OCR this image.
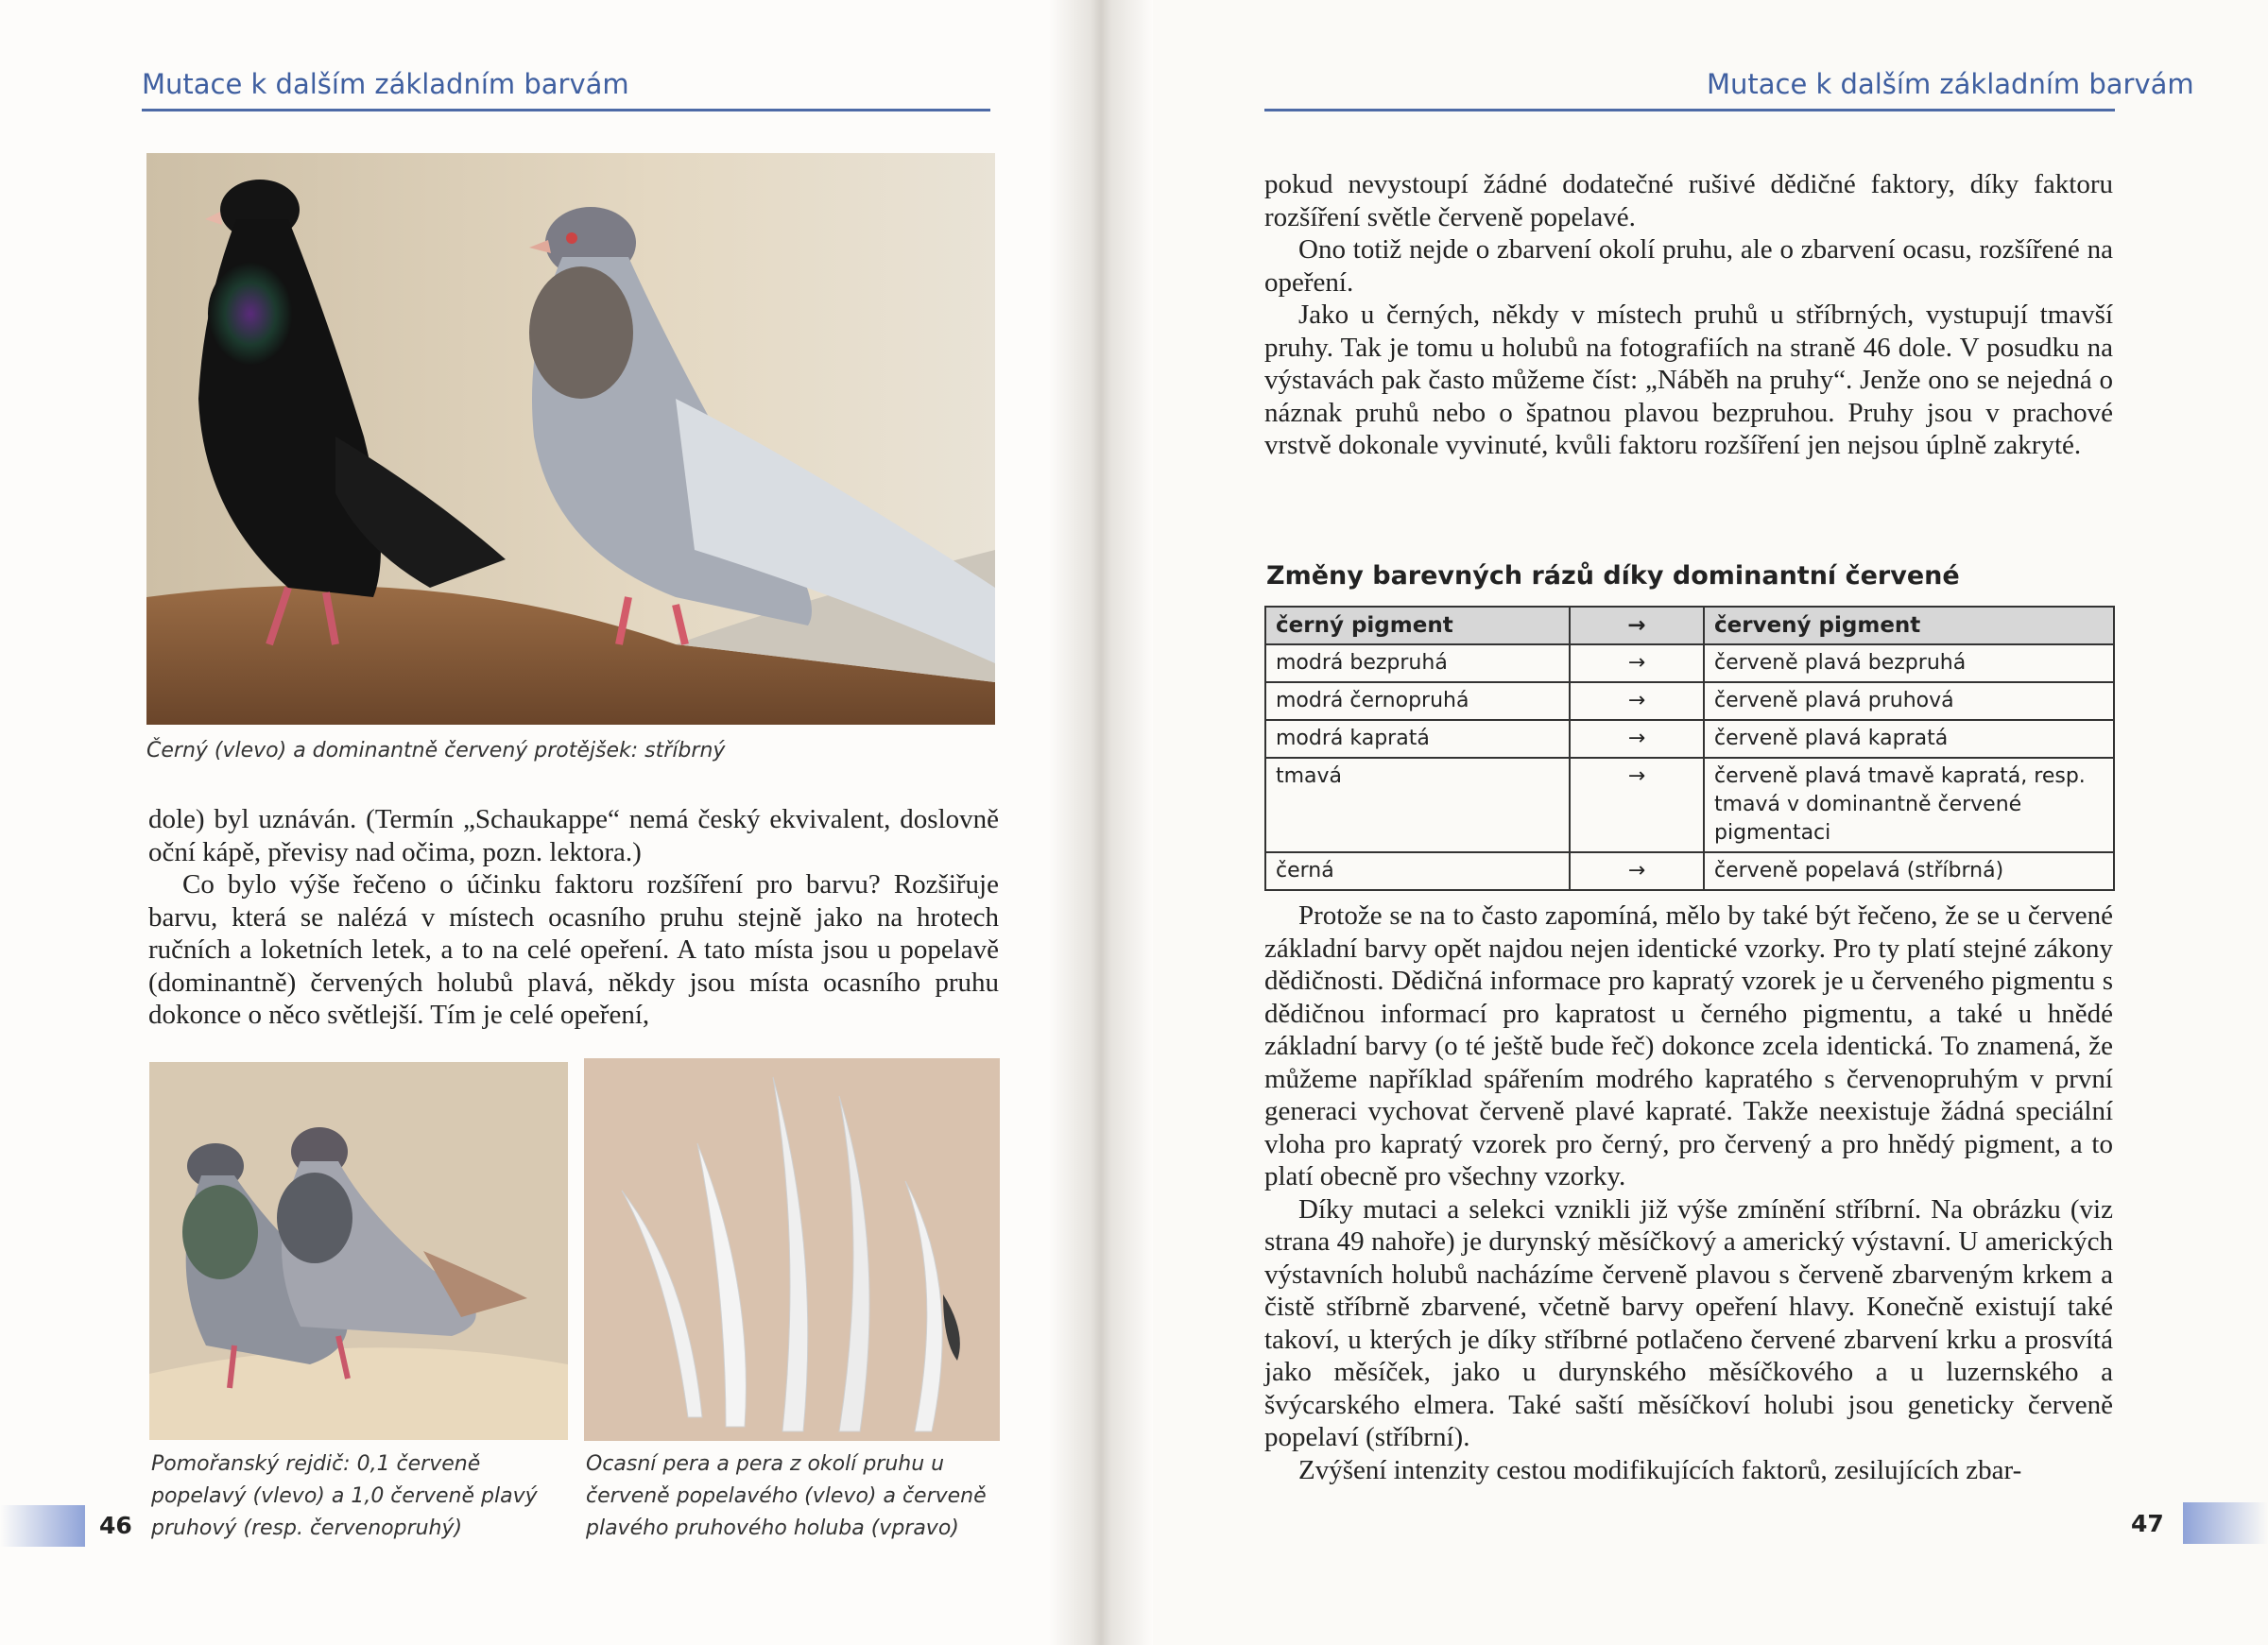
Mutace k dalším základním barvám
Černý (vlevo) a dominantně červený protějšek: stříbrný

dole) byl uznáván. (Termín „Schaukappe“ nemá český ekvivalent, doslovně oční kápě, převisy nad očima, pozn. lektora.)

Co bylo výše řečeno o účinku faktoru rozšíření pro barvu? Rozšiřuje barvu, která se nalézá v místech ocasního pruhu stejně jako na hrotech ručních a loketních letek, a to na celé opeření. A tato místa jsou u popelavě (dominantně) červených holubů plavá, někdy jsou místa ocasního pruhu dokonce o něco světlejší. Tím je celé opeření,

Pomořanský rejdič: 0,1 červeně popelavý (vlevo) a 1,0 červeně plavý pruhový (resp. červenopruhý)
Ocasní pera a pera z okolí pruhu u červeně popelavého (vlevo) a červeně plavého pruhového holuba (vpravo)
46
Mutace k dalším základním barvám

pokud nevystoupí žádné dodatečné rušivé dědičné faktory, díky faktoru rozšíření světle červeně popelavé.

Ono totiž nejde o zbarvení okolí pruhu, ale o zbarvení ocasu, rozšířené na opeření.

Jako u černých, někdy v místech pruhů u stříbrných, vystupují tmavší pruhy. Tak je tomu u holubů na fotografiích na straně 46 dole. V posudku na výstavách pak často můžeme číst: „Náběh na pruhy“. Jenže ono se nejedná o náznak pruhů nebo o špatnou plavou bezpruhou. Pruhy jsou v prachové vrstvě dokonale vyvinuté, kvůli faktoru rozšíření jen nejsou úplně zakryté.

Změny barevných rázů díky dominantní červené
černý pigment	→	červený pigment
modrá bezpruhá	→	červeně plavá bezpruhá
modrá černopruhá	→	červeně plavá pruhová
modrá kapratá	→	červeně plavá kapratá
tmavá	→	červeně plavá tmavě kapratá, resp. tmavá v dominantně červené pigmentaci
černá	→	červeně popelavá (stříbrná)

Protože se na to často zapomíná, mělo by také být řečeno, že se u červené základní barvy opět najdou nejen identické vzorky. Pro ty platí stejné zákony dědičnosti. Dědičná informace pro kapratý vzorek je u červeného pigmentu s dědičnou informací pro kapratost u černého pigmentu, a také u hnědé základní barvy (o té ještě bude řeč) dokonce zcela identická. To znamená, že můžeme například spářením modrého kapratého s červenopruhým v první generaci vychovat červeně plavé kapraté. Takže neexistuje žádná speciální vloha pro kapratý vzorek pro černý, pro červený a pro hnědý pigment, a to platí obecně pro všechny vzorky.

Díky mutaci a selekci vznikli již výše zmínění stříbrní. Na obrázku (viz strana 49 nahoře) je durynský měsíčkový a americký výstavní. U amerických výstavních holubů nacházíme červeně plavou s červeně zbarveným krkem a čistě stříbrně zbarvené, včetně barvy opeření hlavy. Konečně existují také takoví, u kterých je díky stříbrné potlačeno červené zbarvení krku a prosvítá jako měsíček, jako u durynského měsíčkového a u luzernského a švýcarského elmera. Také saští měsíčkoví holubi jsou geneticky červeně popelaví (stříbrní).

Zvýšení intenzity cestou modifikujících faktorů, zesilujících zbar-

47
